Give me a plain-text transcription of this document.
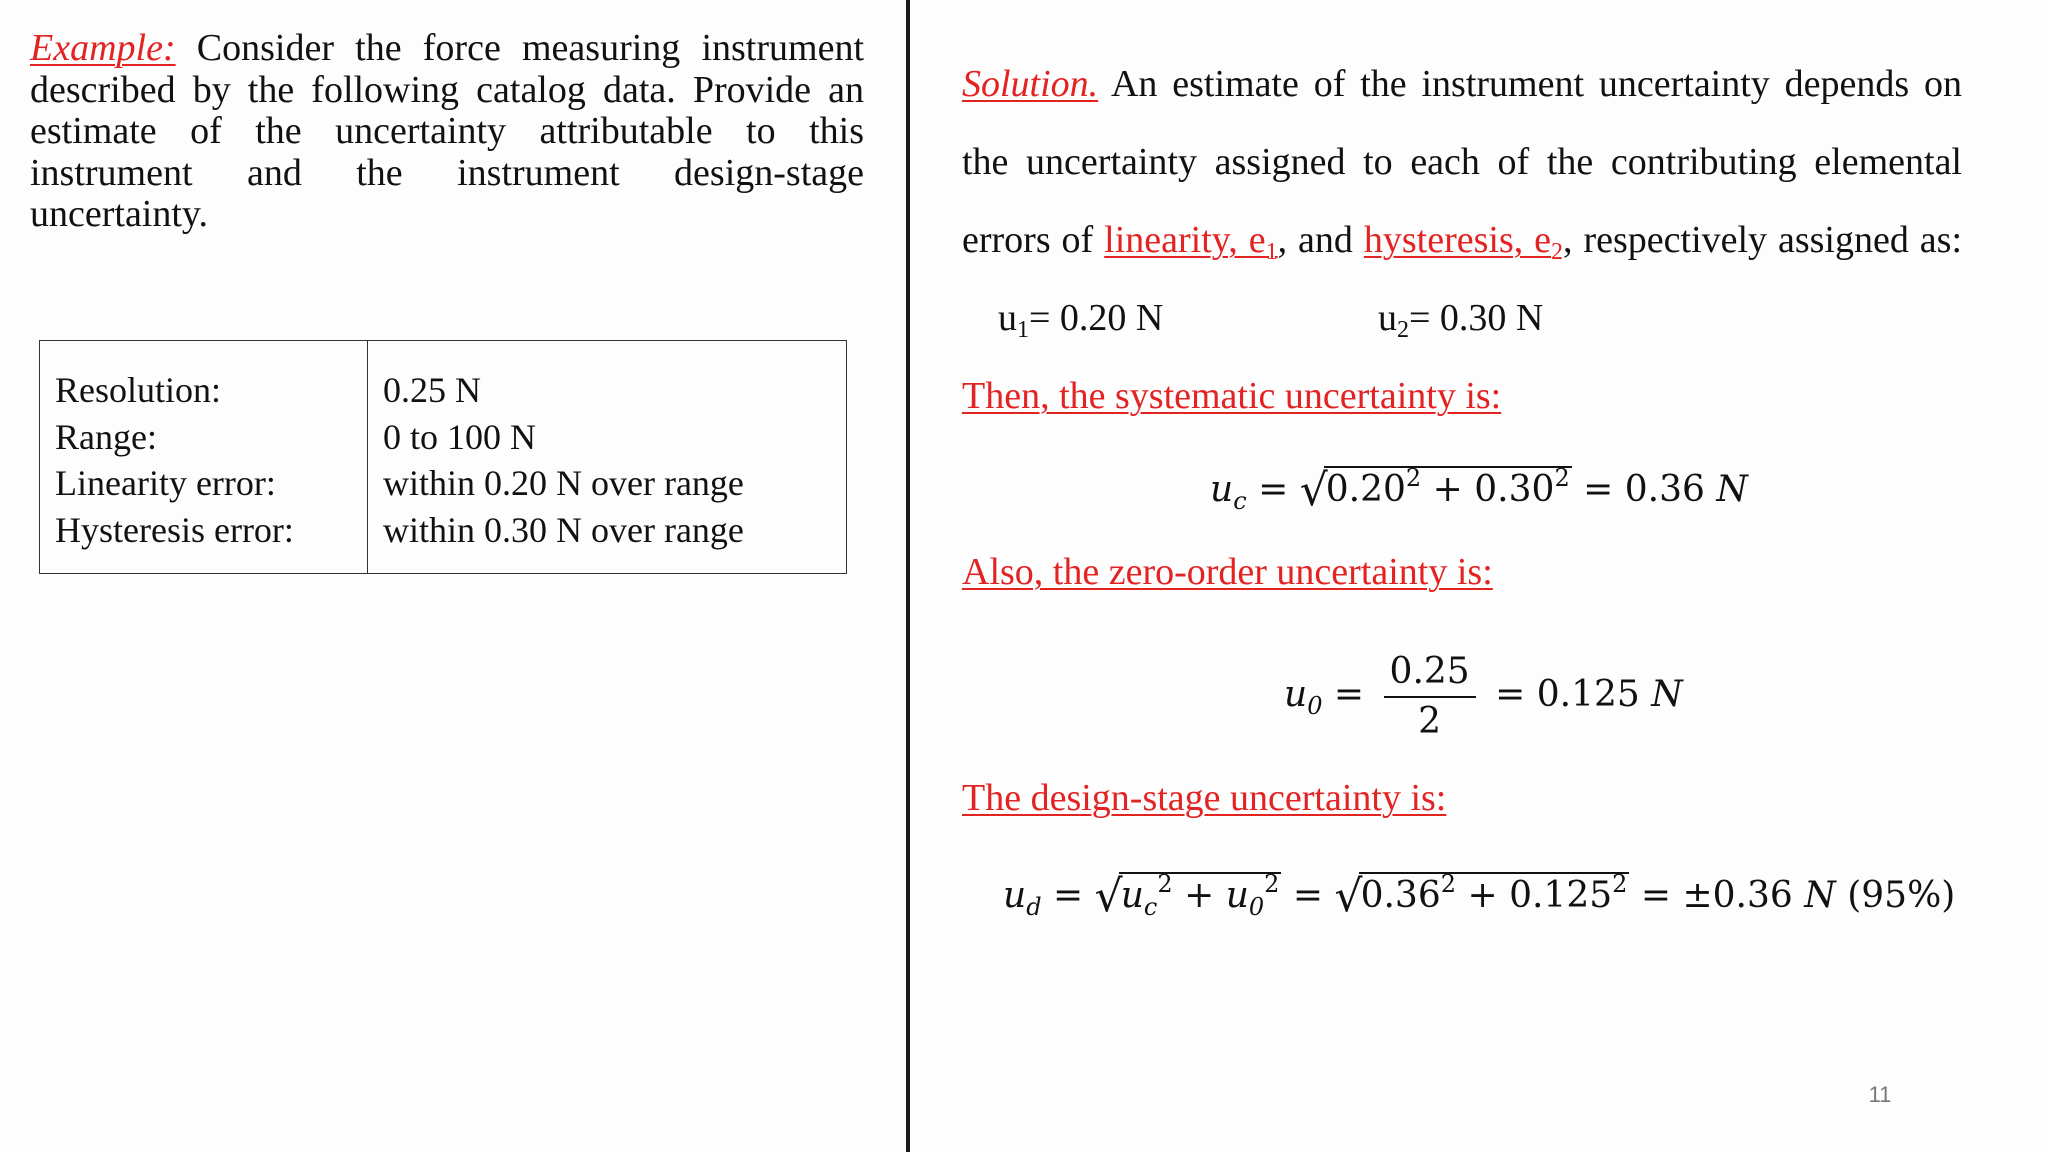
Example: Consider the force measuring instrument described by the following catalog data. Provide an estimate of the uncertainty attributable to this instrument and the instrument design-stage uncertainty.
Resolution:
Range:
Linearity error:
Hysteresis error:
0.25 N
0 to 100 N
within 0.20 N over range
within 0.30 N over range
Solution. An estimate of the instrument uncertainty depends on
the uncertainty assigned to each of the contributing elemental
errors of linearity, $e_1$, and hysteresis, $e_2$, respectively assigned as:
$u_1= 0.20$ N	$u_2= 0.30$ N
Then, the systematic uncertainty is:
$u_c = √0.20^2 + 0.30^2 = 0.36$ N
Also, the zero-order uncertainty is:
$u_0 = \frac{0.25}{2} = 0.125$ N
The design-stage uncertainty is:
$u_d = √u_c^2 + u_0^2 = √0.36^2 + 0.125^2 = \pm 0.36$ N (95%)
11
